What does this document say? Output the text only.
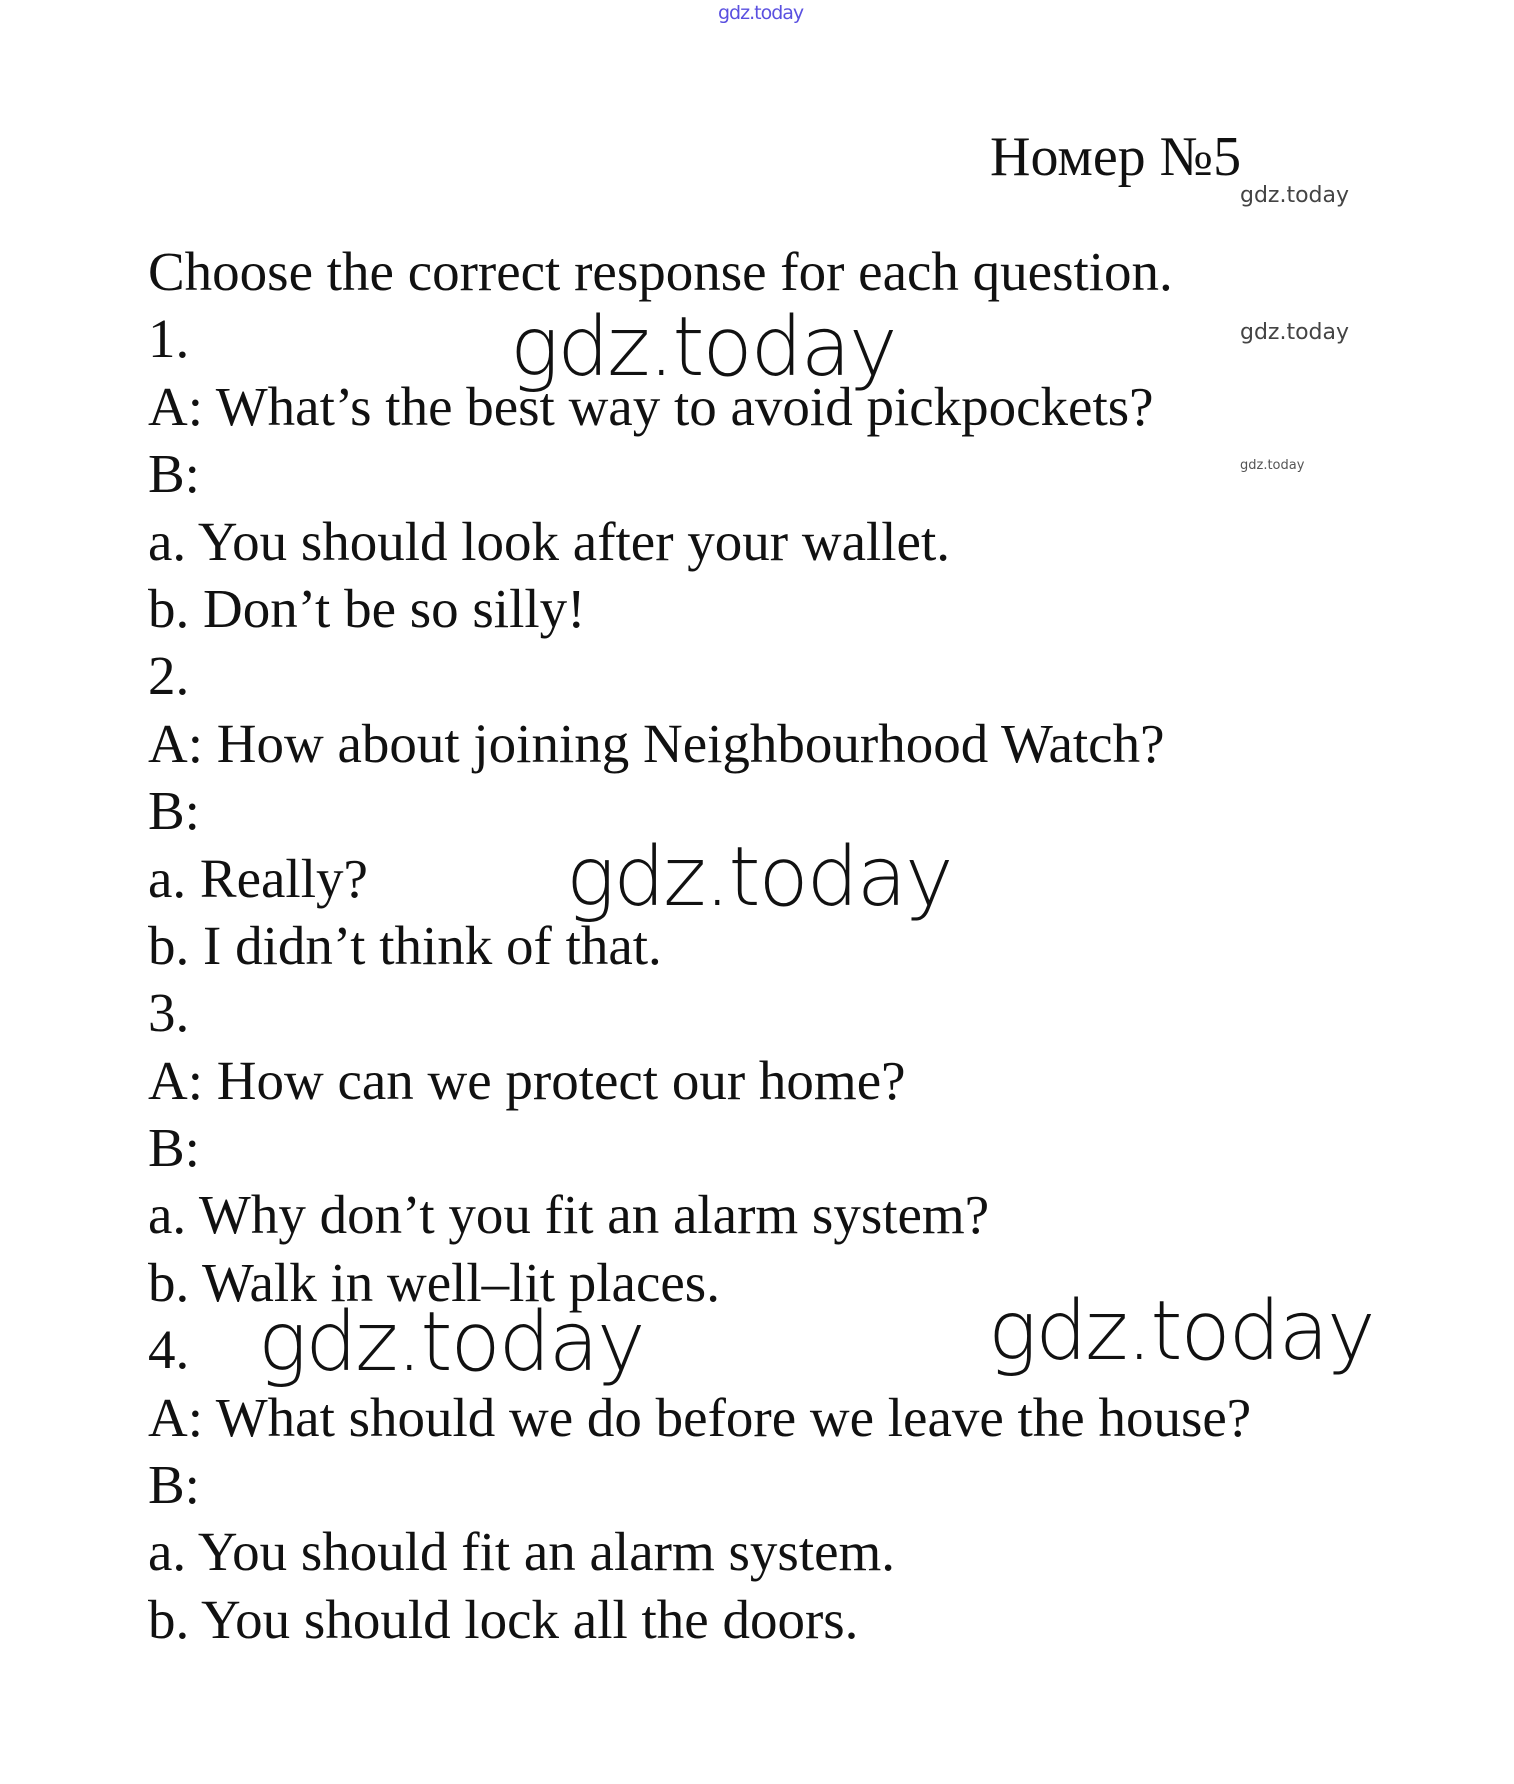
gdz.today
Номер №5
gdz.today
gdz.today
gdz.today
Choose the correct response for each question.
1.
A: What’s the best way to avoid pickpockets?
B:
a. You should look after your wallet.
b. Don’t be so silly!
2.
A: How about joining Neighbourhood Watch?
B:
a. Really?
b. I didn’t think of that.
3.
A: How can we protect our home?
B:
a. Why don’t you fit an alarm system?
b. Walk in well–lit places.
4.
A: What should we do before we leave the house?
B:
a. You should fit an alarm system.
b. You should lock all the doors.
gdz.today
gdz.today
gdz.today	gdz.today
